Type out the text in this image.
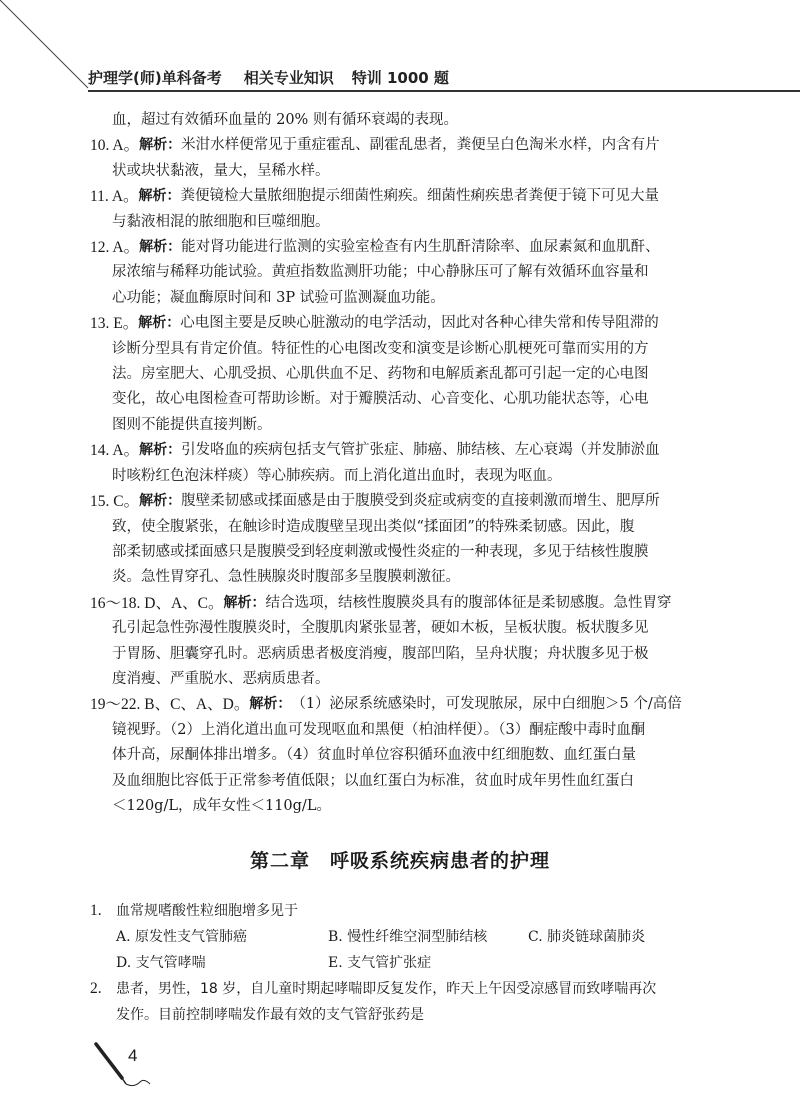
护理学(师)单科备考 相关专业知识 特训 1000 题
血，超过有效循环血量的 20% 则有循环衰竭的表现。
10. A。 解析： 米泔水样便常见于重症霍乱、副霍乱患者，粪便呈白色淘米水样，内含有片
状或块状黏液，量大，呈稀水样。
11. A。 解析： 粪便镜检大量脓细胞提示细菌性痢疾。细菌性痢疾患者粪便于镜下可见大量
与黏液相混的脓细胞和巨噬细胞。
12. A。 解析： 能对肾功能进行监测的实验室检查有内生肌酐清除率、血尿素氮和血肌酐、
尿浓缩与稀释功能试验。黄疸指数监测肝功能；中心静脉压可了解有效循环血容量和
心功能；凝血酶原时间和 3P 试验可监测凝血功能。
13. E。 解析： 心电图主要是反映心脏激动的电学活动，因此对各种心律失常和传导阻滞的
诊断分型具有肯定价值。特征性的心电图改变和演变是诊断心肌梗死可靠而实用的方
法。房室肥大、心肌受损、心肌供血不足、药物和电解质紊乱都可引起一定的心电图
变化，故心电图检查可帮助诊断。对于瓣膜活动、心音变化、心肌功能状态等，心电
图则不能提供直接判断。
14. A。 解析： 引发咯血的疾病包括支气管扩张症、肺癌、肺结核、左心衰竭（并发肺淤血
时咳粉红色泡沫样痰）等心肺疾病。而上消化道出血时，表现为呕血。
15. C。 解析： 腹壁柔韧感或揉面感是由于腹膜受到炎症或病变的直接刺激而增生、肥厚所
致，使全腹紧张，在触诊时造成腹壁呈现出类似“揉面团”的特殊柔韧感。因此，腹
部柔韧感或揉面感只是腹膜受到轻度刺激或慢性炎症的一种表现，多见于结核性腹膜
炎。急性胃穿孔、急性胰腺炎时腹部多呈腹膜刺激征。
16～18. D、A、C。 解析： 结合选项，结核性腹膜炎具有的腹部体征是柔韧感腹。急性胃穿
孔引起急性弥漫性腹膜炎时，全腹肌肉紧张显著，硬如木板，呈板状腹。板状腹多见
于胃肠、胆囊穿孔时。恶病质患者极度消瘦，腹部凹陷，呈舟状腹；舟状腹多见于极
度消瘦、严重脱水、恶病质患者。
19～22. B、C、A、D。 解析： （1）泌尿系统感染时，可发现脓尿，尿中白细胞＞5 个/高倍
镜视野。（2）上消化道出血可发现呕血和黑便（柏油样便）。（3）酮症酸中毒时血酮
体升高，尿酮体排出增多。（4）贫血时单位容积循环血液中红细胞数、血红蛋白量
及血细胞比容低于正常参考值低限；以血红蛋白为标准，贫血时成年男性血红蛋白
＜120g/L，成年女性＜110g/L。
第二章　呼吸系统疾病患者的护理
1.	血常规嗜酸性粒细胞增多见于
A. 原发性支气管肺癌	B. 慢性纤维空洞型肺结核	C. 肺炎链球菌肺炎
D. 支气管哮喘	E. 支气管扩张症
2.	患者，男性，18 岁，自儿童时期起哮喘即反复发作，昨天上午因受凉感冒而致哮喘再次
发作。目前控制哮喘发作最有效的支气管舒张药是
4
